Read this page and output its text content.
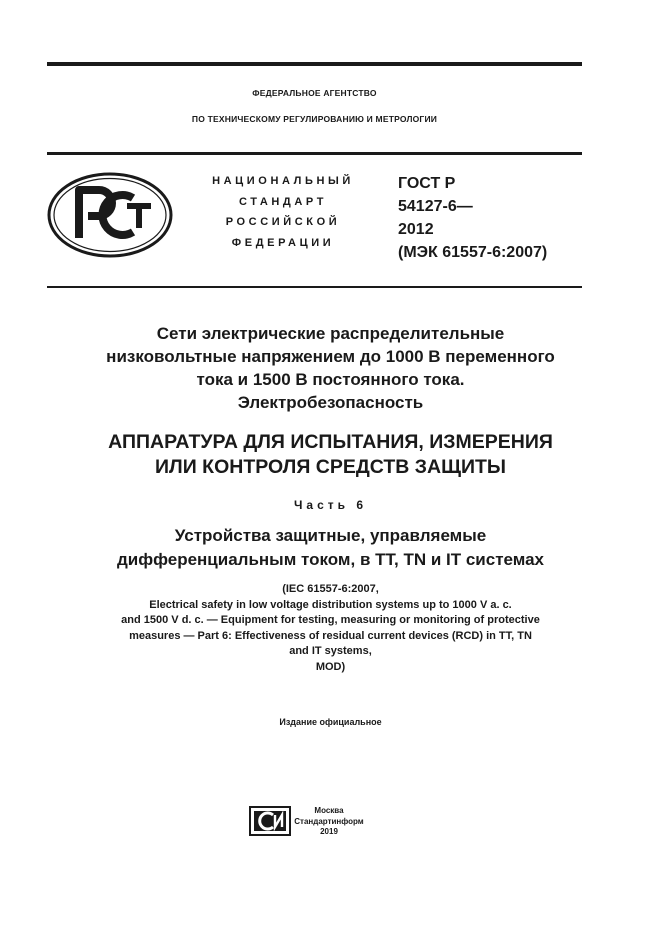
ФЕДЕРАЛЬНОЕ АГЕНТСТВО
ПО ТЕХНИЧЕСКОМУ РЕГУЛИРОВАНИЮ И МЕТРОЛОГИИ
НАЦИОНАЛЬНЫЙ
СТАНДАРТ
РОССИЙСКОЙ
ФЕДЕРАЦИИ
ГОСТ Р
54127-6—
2012
(МЭК 61557-6:2007)
Сети электрические распределительные
низковольтные напряжением до 1000 В переменного
тока и 1500 В постоянного тока.
Электробезопасность
АППАРАТУРА ДЛЯ ИСПЫТАНИЯ, ИЗМЕРЕНИЯ
ИЛИ КОНТРОЛЯ СРЕДСТВ ЗАЩИТЫ
Часть 6
Устройства защитные, управляемые
дифференциальным током, в TT, TN и IT системах
(IEC 61557-6:2007,
Electrical safety in low voltage distribution systems up to 1000 V a. c.
and 1500 V d. c. — Equipment for testing, measuring or monitoring of protective
measures — Part 6: Effectiveness of residual current devices (RCD) in TT, TN
and IT systems,
MOD)
Издание официальное
Москва
Стандартинформ
2019
